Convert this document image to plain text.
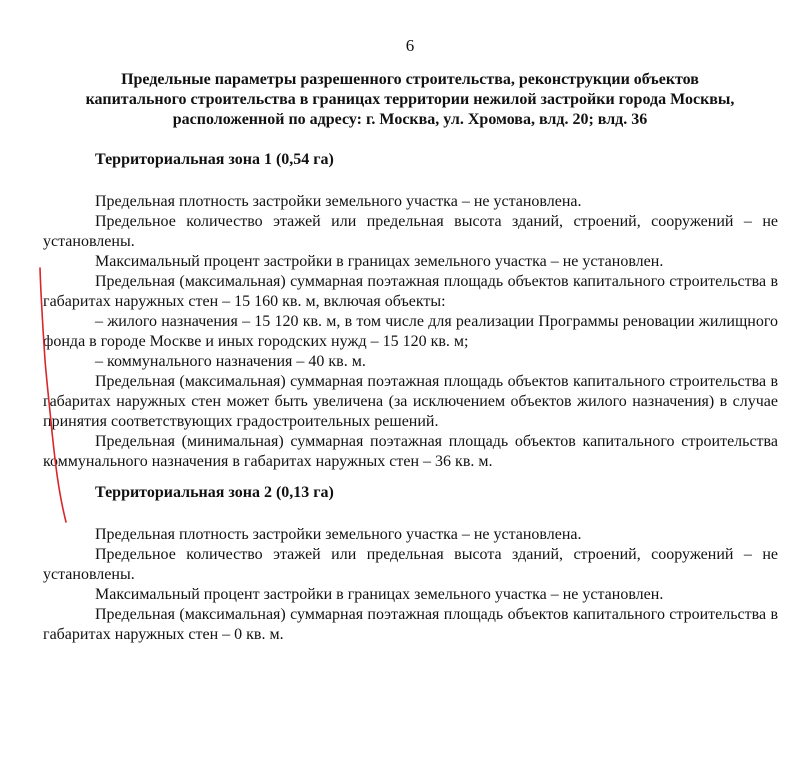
6
Предельные параметры разрешенного строительства, реконструкции объектов
капитального строительства в границах территории нежилой застройки города Москвы,
расположенной по адресу: г. Москва, ул. Хромова, влд. 20; влд. 36
Территориальная зона 1 (0,54 га)

Предельная плотность застройки земельного участка – не установлена.

Предельное количество этажей или предельная высота зданий, строений, сооружений – не установлены.

Максимальный процент застройки в границах земельного участка – не установлен.

Предельная (максимальная) суммарная поэтажная площадь объектов капитального строительства в габаритах наружных стен – 15 160 кв. м, включая объекты:

– жилого назначения – 15 120 кв. м, в том числе для реализации Программы реновации жилищного фонда в городе Москве и иных городских нужд – 15 120 кв. м;

– коммунального назначения – 40 кв. м.

Предельная (максимальная) суммарная поэтажная площадь объектов капитального строительства в габаритах наружных стен может быть увеличена (за исключением объектов жилого назначения) в случае принятия соответствующих градостроительных решений.

Предельная (минимальная) суммарная поэтажная площадь объектов капитального строительства коммунального назначения в габаритах наружных стен – 36 кв. м.

Территориальная зона 2 (0,13 га)

Предельная плотность застройки земельного участка – не установлена.

Предельное количество этажей или предельная высота зданий, строений, сооружений – не установлены.

Максимальный процент застройки в границах земельного участка – не установлен.

Предельная (максимальная) суммарная поэтажная площадь объектов капитального строительства в габаритах наружных стен – 0 кв. м.
